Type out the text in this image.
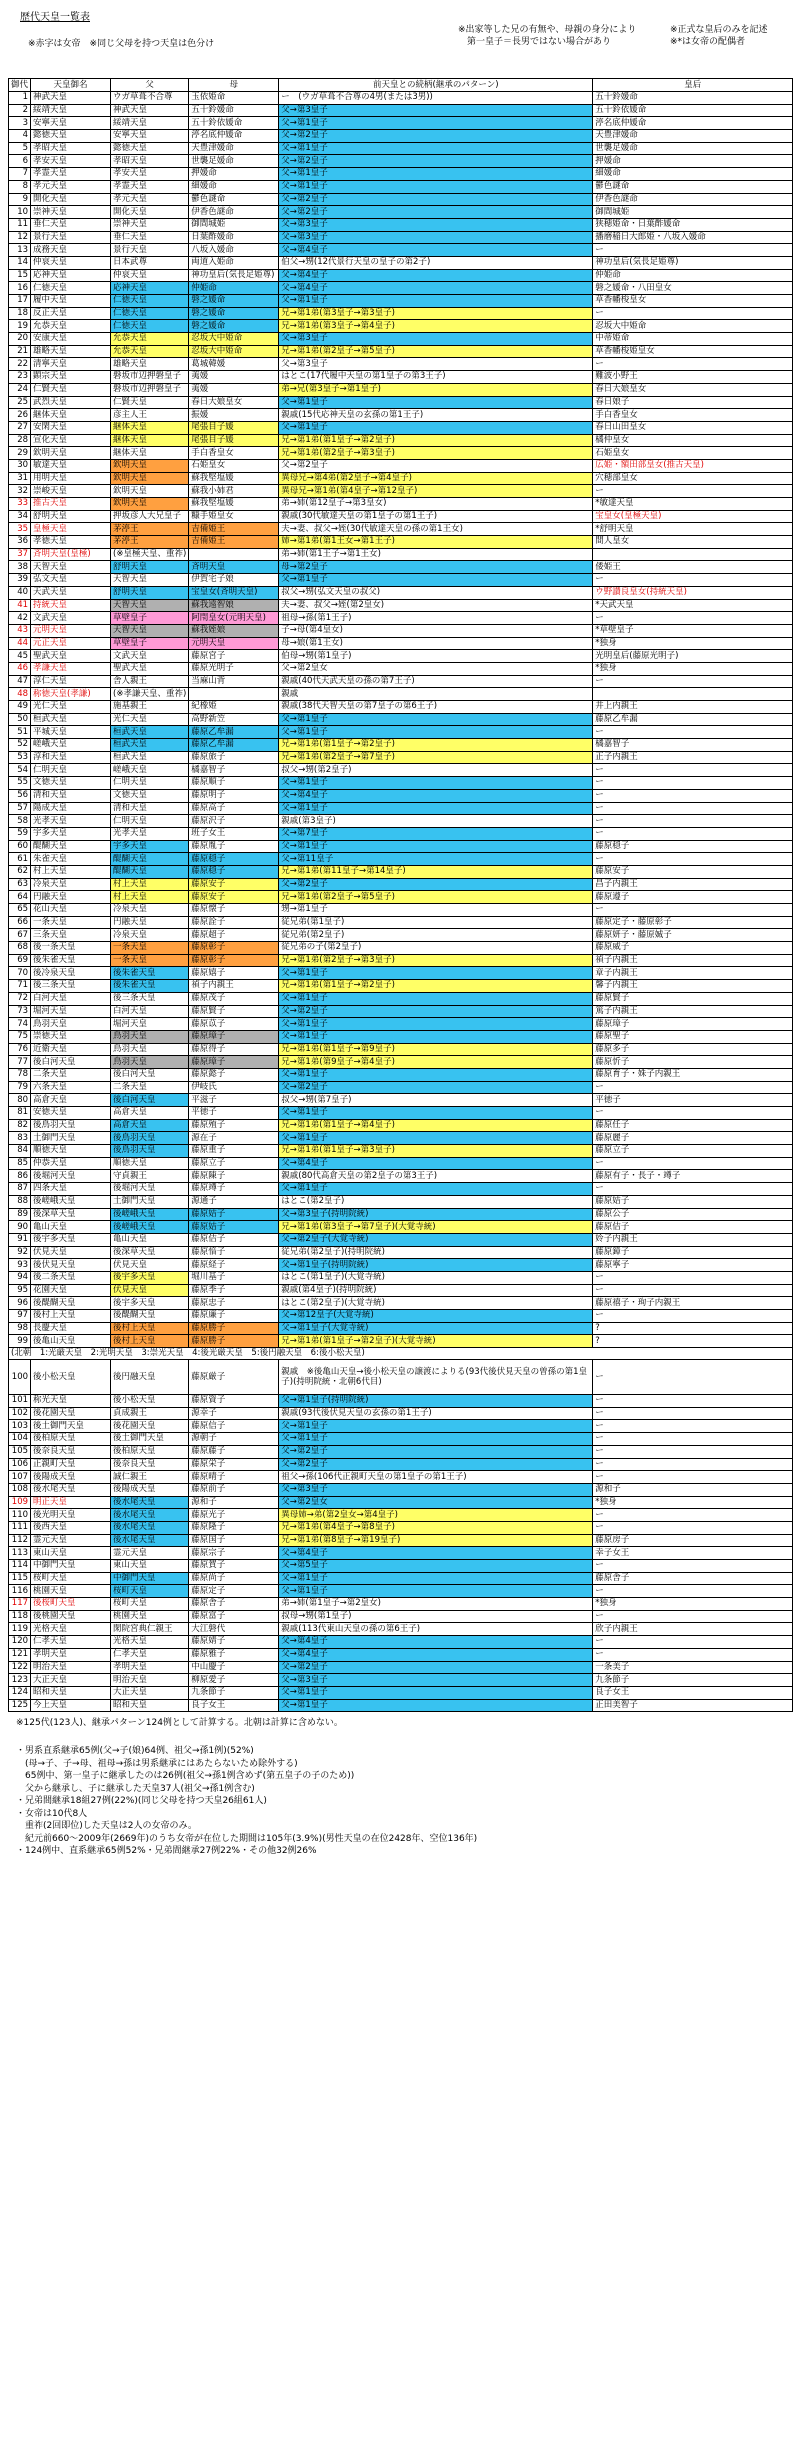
歴代天皇一覧表
※赤字は女帝　※同じ父母を持つ天皇は色分け
※出家等した兄の有無や、母親の身分により
　第一皇子＝長男ではない場合があり
※正式な皇后のみを記述
※*は女帝の配偶者
御代	天皇御名	父	母	前天皇との続柄(継承のパターン)	皇后
1	神武天皇	ウガ草葺不合尊	玉依姫命	ー　(ウガ草葺不合尊の4男(または3男))	五十鈴媛命
2	綏靖天皇	神武天皇	五十鈴媛命	父→第3皇子	五十鈴依媛命
3	安寧天皇	綏靖天皇	五十鈴依媛命	父→第1皇子	渟名底仲媛命
4	懿徳天皇	安寧天皇	渟名底仲媛命	父→第2皇子	天豊津媛命
5	孝昭天皇	懿徳天皇	天豊津媛命	父→第1皇子	世襲足媛命
6	孝安天皇	孝昭天皇	世襲足媛命	父→第2皇子	押媛命
7	孝霊天皇	孝安天皇	押媛命	父→第1皇子	細媛命
8	孝元天皇	孝霊天皇	細媛命	父→第1皇子	鬱色謎命
9	開化天皇	孝元天皇	鬱色謎命	父→第2皇子	伊香色謎命
10	崇神天皇	開化天皇	伊香色謎命	父→第2皇子	御間城姫
11	垂仁天皇	崇神天皇	御間城姫	父→第3皇子	狭穂姫命・日葉酢媛命
12	景行天皇	垂仁天皇	日葉酢媛命	父→第3皇子	播磨稲日大郎姫・八坂入媛命
13	成務天皇	景行天皇	八坂入媛命	父→第4皇子	ー
14	仲哀天皇	日本武尊	両道入姫命	伯父→甥(12代景行天皇の皇子の第2子)	神功皇后(気長足姫尊)
15	応神天皇	仲哀天皇	神功皇后(気長足姫尊)	父→第4皇子	仲姫命
16	仁徳天皇	応神天皇	仲姫命	父→第4皇子	磐之媛命・八田皇女
17	履中天皇	仁徳天皇	磐之媛命	父→第1皇子	草香幡梭皇女
18	反正天皇	仁徳天皇	磐之媛命	兄→第1弟(第3皇子→第3皇子)	ー
19	允恭天皇	仁徳天皇	磐之媛命	兄→第1弟(第3皇子→第4皇子)	忍坂大中姫命
20	安康天皇	允恭天皇	忍坂大中姫命	父→第3皇子	中蒂姫命
21	雄略天皇	允恭天皇	忍坂大中姫命	兄→第1弟(第2皇子→第5皇子)	草香幡梭姫皇女
22	清寧天皇	雄略天皇	葛城韓媛	父→第3皇子	ー
23	顕宗天皇	磐坂市辺押磐皇子	荑媛	はとこ(17代履中天皇の第1皇子の第3王子)	難波小野王
24	仁賢天皇	磐坂市辺押磐皇子	荑媛	弟→兄(第3皇子→第1皇子)	春日大娘皇女
25	武烈天皇	仁賢天皇	春日大娘皇女	父→第1皇子	春日娘子
26	継体天皇	彦主人王	振媛	親戚(15代応神天皇の玄孫の第1王子)	手白香皇女
27	安閑天皇	継体天皇	尾張目子媛	父→第1皇子	春日山田皇女
28	宣化天皇	継体天皇	尾張目子媛	兄→第1弟(第1皇子→第2皇子)	橘仲皇女
29	欽明天皇	継体天皇	手白香皇女	兄→第1弟(第2皇子→第3皇子)	石姫皇女
30	敏達天皇	欽明天皇	石姫皇女	父→第2皇子	広姫・額田部皇女(推古天皇)
31	用明天皇	欽明天皇	蘇我堅塩媛	異母兄→第4弟(第2皇子→第4皇子)	穴穂部皇女
32	崇峻天皇	欽明天皇	蘇我小姉君	異母兄→第1弟(第4皇子→第12皇子)	ー
33	推古天皇	欽明天皇	蘇我堅塩媛	弟→姉(第12皇子→第3皇女)	*敏達天皇
34	舒明天皇	押坂彦人大兄皇子	糠手姫皇女	親戚(30代敏達天皇の第1皇子の第1王子)	宝皇女(皇極天皇)
35	皇極天皇	茅渟王	吉備姫王	夫→妻、叔父→姪(30代敏達天皇の孫の第1王女)	*舒明天皇
36	孝徳天皇	茅渟王	吉備姫王	姉→第1弟(第1王女→第1王子)	間人皇女
37	斉明天皇(皇極)	(※皇極天皇、重祚)		弟→姉(第1王子→第1王女)	
38	天智天皇	舒明天皇	斉明天皇	母→第2皇子	倭姫王
39	弘文天皇	天智天皇	伊賀宅子娘	父→第1皇子	ー
40	天武天皇	舒明天皇	宝皇女(斉明天皇)	叔父→甥(弘文天皇の叔父)	ウ野讃良皇女(持統天皇)
41	持統天皇	天智天皇	蘇我遠智娘	夫→妻、叔父→姪(第2皇女)	*天武天皇
42	文武天皇	草壁皇子	阿閇皇女(元明天皇)	祖母→孫(第1王子)	ー
43	元明天皇	天智天皇	蘇我姪娘	子→母(第4皇女)	*草壁皇子
44	元正天皇	草壁皇子	元明天皇	母→娘(第1王女)	*独身
45	聖武天皇	文武天皇	藤原宮子	伯母→甥(第1皇子)	光明皇后(藤原光明子)
46	孝謙天皇	聖武天皇	藤原光明子	父→第2皇女	*独身
47	淳仁天皇	舎人親王	当麻山背	親戚(40代天武天皇の孫の第7王子)	ー
48	称徳天皇(孝謙)	(※孝謙天皇、重祚)		親戚	
49	光仁天皇	施基親王	紀橡姫	親戚(38代天智天皇の第7皇子の第6王子)	井上内親王
50	桓武天皇	光仁天皇	高野新笠	父→第1皇子	藤原乙牟漏
51	平城天皇	桓武天皇	藤原乙牟漏	父→第1皇子	ー
52	嵯峨天皇	桓武天皇	藤原乙牟漏	兄→第1弟(第1皇子→第2皇子)	橘嘉智子
53	淳和天皇	桓武天皇	藤原旅子	兄→第1弟(第2皇子→第7皇子)	正子内親王
54	仁明天皇	嵯峨天皇	橘嘉智子	叔父→甥(第2皇子)	ー
55	文徳天皇	仁明天皇	藤原順子	父→第1皇子	ー
56	清和天皇	文徳天皇	藤原明子	父→第4皇子	ー
57	陽成天皇	清和天皇	藤原高子	父→第1皇子	ー
58	光孝天皇	仁明天皇	藤原沢子	親戚(第3皇子)	ー
59	宇多天皇	光孝天皇	班子女王	父→第7皇子	ー
60	醍醐天皇	宇多天皇	藤原胤子	父→第1皇子	藤原穏子
61	朱雀天皇	醍醐天皇	藤原穏子	父→第11皇子	ー
62	村上天皇	醍醐天皇	藤原穏子	兄→第1弟(第11皇子→第14皇子)	藤原安子
63	冷泉天皇	村上天皇	藤原安子	父→第2皇子	昌子内親王
64	円融天皇	村上天皇	藤原安子	兄→第1弟(第2皇子→第5皇子)	藤原遵子
65	花山天皇	冷泉天皇	藤原懐子	甥→第1皇子	ー
66	一条天皇	円融天皇	藤原詮子	従兄弟(第1皇子)	藤原定子・藤原彰子
67	三条天皇	冷泉天皇	藤原超子	従兄弟(第2皇子)	藤原妍子・藤原娍子
68	後一条天皇	一条天皇	藤原彰子	従兄弟の子(第2皇子)	藤原威子
69	後朱雀天皇	一条天皇	藤原彰子	兄→第1弟(第2皇子→第3皇子)	禎子内親王
70	後冷泉天皇	後朱雀天皇	藤原嬉子	父→第1皇子	章子内親王
71	後三条天皇	後朱雀天皇	禎子内親王	兄→第1弟(第1皇子→第2皇子)	馨子内親王
72	白河天皇	後三条天皇	藤原茂子	父→第1皇子	藤原賢子
73	堀河天皇	白河天皇	藤原賢子	父→第2皇子	篤子内親王
74	鳥羽天皇	堀河天皇	藤原苡子	父→第1皇子	藤原璋子
75	崇徳天皇	鳥羽天皇	藤原璋子	父→第1皇子	藤原聖子
76	近衛天皇	鳥羽天皇	藤原得子	兄→第1弟(第1皇子→第9皇子)	藤原多子
77	後白河天皇	鳥羽天皇	藤原璋子	兄→第1弟(第9皇子→第4皇子)	藤原忻子
78	二条天皇	後白河天皇	藤原懿子	父→第1皇子	藤原育子・姝子内親王
79	六条天皇	二条天皇	伊岐氏	父→第2皇子	ー
80	高倉天皇	後白河天皇	平滋子	叔父→甥(第7皇子)	平徳子
81	安徳天皇	高倉天皇	平徳子	父→第1皇子	ー
82	後鳥羽天皇	高倉天皇	藤原殖子	兄→第1弟(第1皇子→第4皇子)	藤原任子
83	土御門天皇	後鳥羽天皇	源在子	父→第1皇子	藤原麗子
84	順徳天皇	後鳥羽天皇	藤原重子	兄→第1弟(第1皇子→第3皇子)	藤原立子
85	仲恭天皇	順徳天皇	藤原立子	父→第4皇子	ー
86	後堀河天皇	守貞親王	藤原陳子	親戚(80代高倉天皇の第2皇子の第3王子)	藤原有子・長子・竴子
87	四条天皇	後堀河天皇	藤原竴子	父→第1皇子	ー
88	後嵯峨天皇	土御門天皇	源通子	はとこ(第2皇子)	藤原姞子
89	後深草天皇	後嵯峨天皇	藤原姞子	父→第3皇子(持明院統)	藤原公子
90	亀山天皇	後嵯峨天皇	藤原姞子	兄→第1弟(第3皇子→第7皇子)(大覚寺統)	藤原佶子
91	後宇多天皇	亀山天皇	藤原佶子	父→第2皇子(大覚寺統)	姈子内親王
92	伏見天皇	後深草天皇	藤原愔子	従兄弟(第2皇子)(持明院統)	藤原鏱子
93	後伏見天皇	伏見天皇	藤原経子	父→第1皇子(持明院統)	藤原寧子
94	後二条天皇	後宇多天皇	堀川基子	はとこ(第1皇子)(大覚寺統)	ー
95	花園天皇	伏見天皇	藤原季子	親戚(第4皇子)(持明院統)	ー
96	後醍醐天皇	後宇多天皇	藤原忠子	はとこ(第2皇子)(大覚寺統)	藤原禧子・珣子内親王
97	後村上天皇	後醍醐天皇	藤原廉子	父→第12皇子(大覚寺統)	ー
98	長慶天皇	後村上天皇	藤原勝子	父→第1皇子(大覚寺統)	?
99	後亀山天皇	後村上天皇	藤原勝子	兄→第1弟(第1皇子→第2皇子)(大覚寺統)	?
(北朝　1:光厳天皇　2:光明天皇　3:崇光天皇　4:後光厳天皇　5:後円融天皇　6:後小松天皇)					
100	後小松天皇	後円融天皇	藤原厳子	親戚　※後亀山天皇→後小松天皇の譲渡によりる(93代後伏見天皇の曽孫の第1皇子)(持明院統・北朝6代目)	ー
101	称光天皇	後小松天皇	藤原資子	父→第1皇子(持明院統)	ー
102	後花園天皇	貞成親王	源幸子	親戚(93代後伏見天皇の玄孫の第1王子)	ー
103	後土御門天皇	後花園天皇	藤原信子	父→第1皇子	ー
104	後柏原天皇	後土御門天皇	源朝子	父→第1皇子	ー
105	後奈良天皇	後柏原天皇	藤原藤子	父→第2皇子	ー
106	正親町天皇	後奈良天皇	藤原栄子	父→第2皇子	ー
107	後陽成天皇	誠仁親王	藤原晴子	祖父→孫(106代正親町天皇の第1皇子の第1王子)	ー
108	後水尾天皇	後陽成天皇	藤原前子	父→第3皇子	源和子
109	明正天皇	後水尾天皇	源和子	父→第2皇女	*独身
110	後光明天皇	後水尾天皇	藤原光子	異母姉→弟(第2皇女→第4皇子)	ー
111	後西天皇	後水尾天皇	藤原隆子	兄→第1弟(第4皇子→第8皇子)	ー
112	霊元天皇	後水尾天皇	藤原国子	兄→第1弟(第8皇子→第19皇子)	藤原房子
113	東山天皇	霊元天皇	藤原宗子	父→第4皇子	幸子女王
114	中御門天皇	東山天皇	藤原賀子	父→第5皇子	ー
115	桜町天皇	中御門天皇	藤原尚子	父→第1皇子	藤原舎子
116	桃園天皇	桜町天皇	藤原定子	父→第1皇子	ー
117	後桜町天皇	桜町天皇	藤原舎子	弟→姉(第1皇子→第2皇女)	*独身
118	後桃園天皇	桃園天皇	藤原富子	叔母→甥(第1皇子)	ー
119	光格天皇	閑院宮典仁親王	大江磐代	親戚(113代東山天皇の孫の第6王子)	欣子内親王
120	仁孝天皇	光格天皇	藤原婧子	父→第4皇子	ー
121	孝明天皇	仁孝天皇	藤原雅子	父→第4皇子	ー
122	明治天皇	孝明天皇	中山慶子	父→第2皇子	一条美子
123	大正天皇	明治天皇	柳原愛子	父→第3皇子	九条節子
124	昭和天皇	大正天皇	九条節子	父→第1皇子	良子女王
125	今上天皇	昭和天皇	良子女王	父→第1皇子	正田美智子
・男系直系継承65例(父→子(娘)64例、祖父→孫1例)(52%)
　(母→子、子→母、祖母→孫は男系継承にはあたらないため除外する)
　65例中、第一皇子に継承したのは26例(祖父→孫1例含めず(第五皇子の子のため))
　父から継承し、子に継承した天皇37人(祖父→孫1例含む)
・兄弟間継承18組27例(22%)(同じ父母を持つ天皇26組61人)
・女帝は10代8人
　重祚(2回即位)した天皇は2人の女帝のみ。
　紀元前660〜2009年(2669年)のうち女帝が在位した期間は105年(3.9%)(男性天皇の在位2428年、空位136年)
・124例中、直系継承65例52%・兄弟間継承27例22%・その他32例26%
※125代(123人)、継承パターン124例として計算する。北朝は計算に含めない。
